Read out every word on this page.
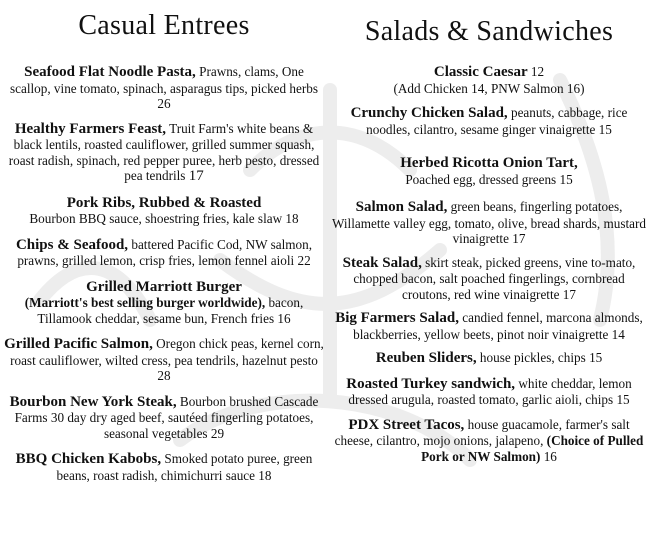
Casual Entrees
Seafood Flat Noodle Pasta, Prawns, clams, One scallop, vine tomato, spinach, asparagus tips, picked herbs
26
Healthy Farmers Feast, Truit Farm's white beans & black lentils, roasted cauliflower, grilled summer squash, roast radish, spinach, red pepper puree, herb pesto, dressed pea tendrils 17
Pork Ribs, Rubbed & Roasted
Bourbon BBQ sauce, shoestring fries, kale slaw 18
Chips & Seafood, battered Pacific Cod, NW salmon, prawns, grilled lemon, crisp fries, lemon fennel aioli 22
Grilled Marriott Burger
(Marriott's best selling burger worldwide), bacon, Tillamook cheddar, sesame bun, French fries 16
Grilled Pacific Salmon, Oregon chick peas, kernel corn, roast cauliflower, wilted cress, pea tendrils, hazelnut pesto 28
Bourbon New York Steak, Bourbon brushed Cascade Farms 30 day dry aged beef, sautéed fingerling potatoes, seasonal vegetables 29
BBQ Chicken Kabobs, Smoked potato puree, green beans, roast radish, chimichurri sauce 18
Salads & Sandwiches
Classic Caesar 12
(Add Chicken 14, PNW Salmon 16)
Crunchy Chicken Salad, peanuts, cabbage, rice noodles, cilantro, sesame ginger vinaigrette 15
Herbed Ricotta Onion Tart,
Poached egg, dressed greens 15
Salmon Salad, green beans, fingerling potatoes, Willamette valley egg, tomato, olive, bread shards, mustard vinaigrette 17
Steak Salad, skirt steak, picked greens, vine to-mato, chopped bacon, salt poached fingerlings, cornbread croutons, red wine vinaigrette 17
Big Farmers Salad, candied fennel, marcona almonds, blackberries, yellow beets, pinot noir vinaigrette 14
Reuben Sliders, house pickles, chips 15
Roasted Turkey sandwich, white cheddar, lemon dressed arugula, roasted tomato, garlic aioli, chips 15
PDX Street Tacos, house guacamole, farmer's salt cheese, cilantro, mojo onions, jalapeno, (Choice of Pulled Pork or NW Salmon) 16
